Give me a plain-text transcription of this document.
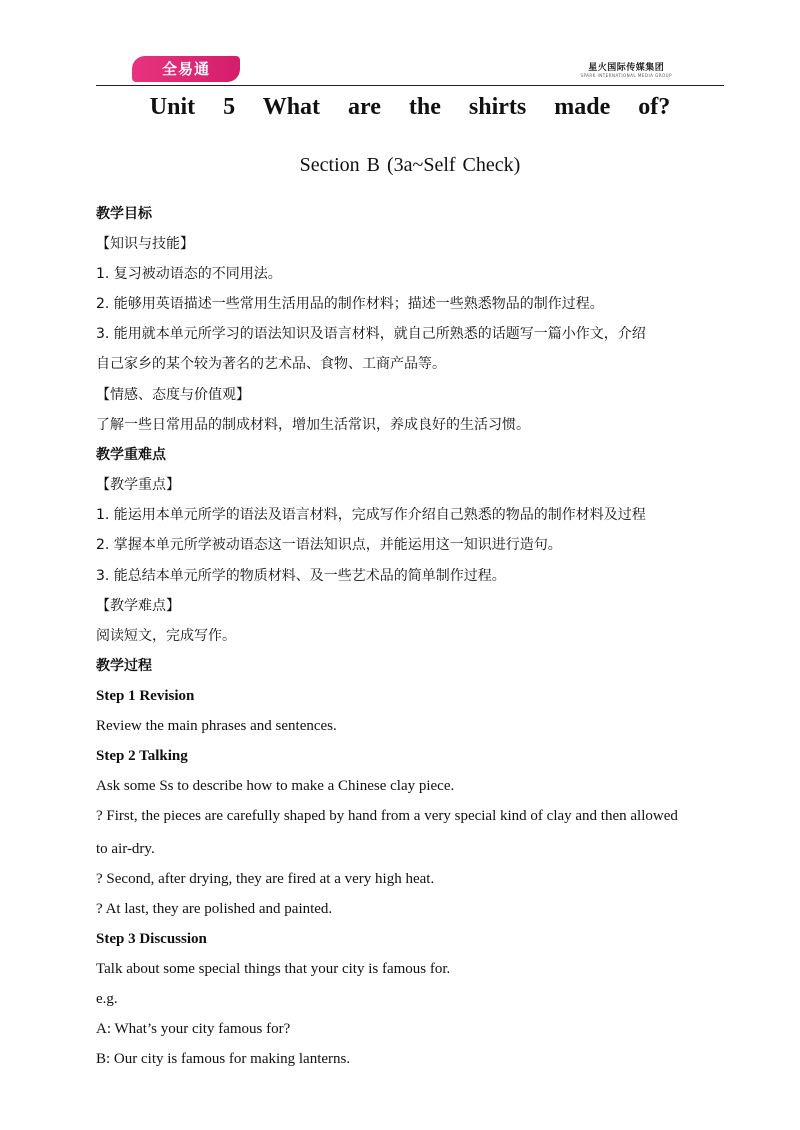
全易通	星火国际传媒集团
SPARK INTERNATIONAL MEDIA GROUP
Unit 5 What are the shirts made of?
Section B (3a~Self Check)
教学目标
【知识与技能】
1. 复习被动语态的不同用法。
2. 能够用英语描述一些常用生活用品的制作材料；描述一些熟悉物品的制作过程。
3. 能用就本单元所学习的语法知识及语言材料，就自己所熟悉的话题写一篇小作文，介绍
自己家乡的某个较为著名的艺术品、食物、工商产品等。
【情感、态度与价值观】
了解一些日常用品的制成材料，增加生活常识，养成良好的生活习惯。
教学重难点
【教学重点】
1. 能运用本单元所学的语法及语言材料，完成写作介绍自己熟悉的物品的制作材料及过程
2. 掌握本单元所学被动语态这一语法知识点，并能运用这一知识进行造句。
3. 能总结本单元所学的物质材料、及一些艺术品的简单制作过程。
【教学难点】
阅读短文，完成写作。
教学过程
Step 1 Revision
Review the main phrases and sentences.
Step 2 Talking
Ask some Ss to describe how to make a Chinese clay piece.
? First, the pieces are carefully shaped by hand from a very special kind of clay and then allowed
to air-dry.
? Second, after drying, they are fired at a very high heat.
? At last, they are polished and painted.
Step 3 Discussion
Talk about some special things that your city is famous for.
e.g.
A: What’s your city famous for?
B: Our city is famous for making lanterns.
